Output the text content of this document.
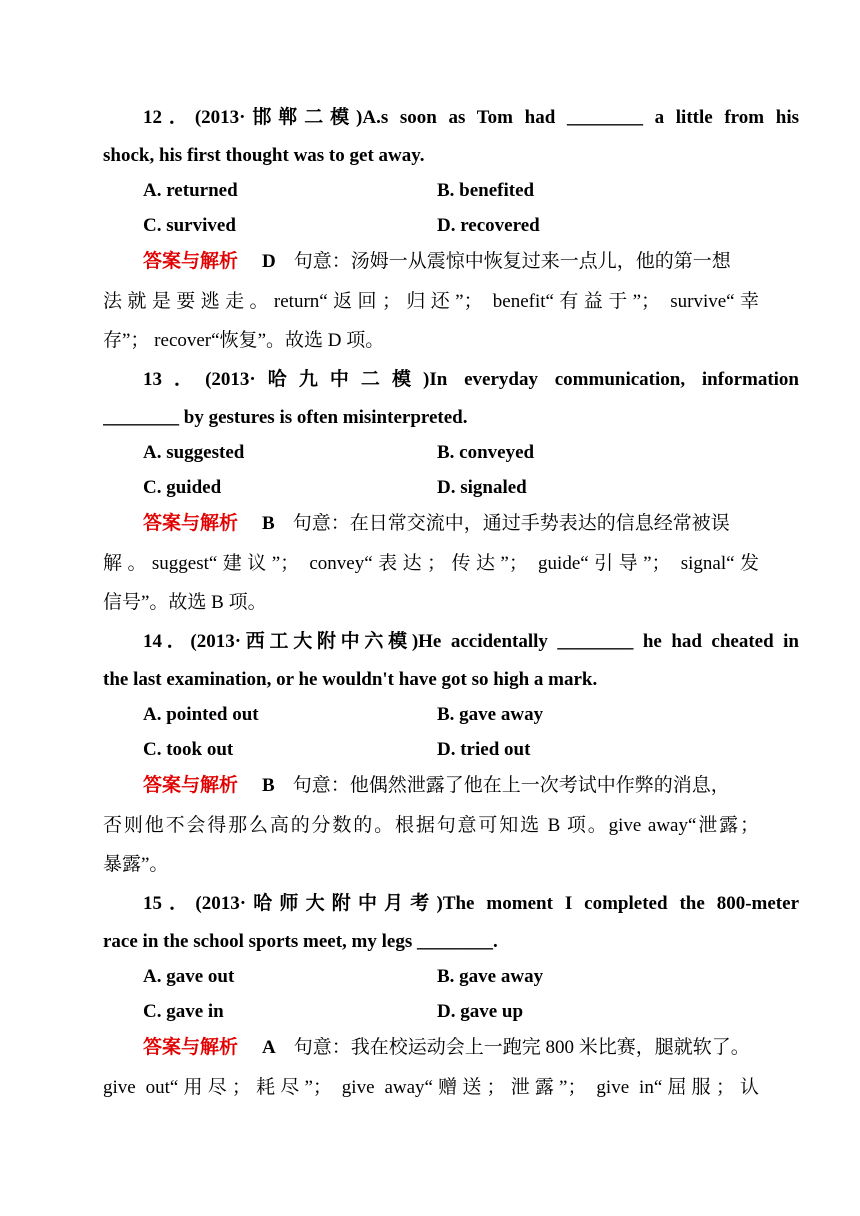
12．(2013·邯郸二模)A.s soon as Tom had ________ a little from his
shock, his first thought was to get away.
A. returned	B. benefited
C. survived	D. recovered
答案与解析 D 句意：汤姆一从震惊中恢复过来一点儿，他的第一想
法就是要逃走。return“返回；归还”； benefit“有益于”； survive“幸
存”； recover“恢复”。故选 D 项。
13．(2013·哈九中二模)In everyday communication, information
________ by gestures is often misinterpreted.
A. suggested	B. conveyed
C. guided	D. signaled
答案与解析 B 句意：在日常交流中，通过手势表达的信息经常被误
解。suggest“建议”； convey“表达；传达”； guide“引导”； signal“发
信号”。故选 B 项。
14．(2013·西工大附中六模)He accidentally ________ he had cheated in
the last examination, or he wouldn't have got so high a mark.
A. pointed out	B. gave away
C. took out	D. tried out
答案与解析 B 句意：他偶然泄露了他在上一次考试中作弊的消息，
否则他不会得那么高的分数的。根据句意可知选 B 项。give away“泄露；
暴露”。
15．(2013·哈师大附中月考)The moment I completed the 800-meter
race in the school sports meet, my legs ________.
A. gave out	B. gave away
C. gave in	D. gave up
答案与解析 A 句意：我在校运动会上一跑完 800 米比赛，腿就软了。
give out“用尽；耗尽”； give away“赠送；泄露”； give in“屈服；认
